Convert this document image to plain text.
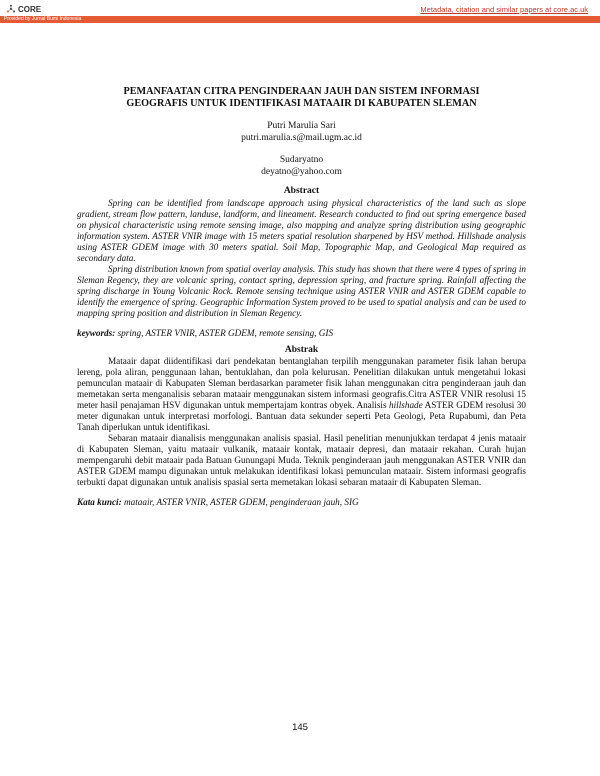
CORE	Metadata, citation and similar papers at core.ac.uk
Provided by Jurnal Bumi Indonesia

PEMANFAATAN CITRA PENGINDERAAN JAUH DAN SISTEM INFORMASI
GEOGRAFIS UNTUK IDENTIFIKASI MATAAIR DI KABUPATEN SLEMAN

Putri Marulia Sari

putri.marulia.s@mail.ugm.ac.id

Sudaryatno

deyatno@yahoo.com

Abstract

Spring can be identified from landscape approach using physical characteristics of the land such as slope gradient, stream flow pattern, landuse, landform, and lineament. Research conducted to find out spring emergence based on physical characteristic using remote sensing image, also mapping and analyze spring distribution using geographic information system. ASTER VNIR image with 15 meters spatial resolution sharpened by HSV method. Hillshade analysis using ASTER GDEM image with 30 meters spatial. Soil Map, Topographic Map, and Geological Map required as secondary data.

Spring distribution known from spatial overlay analysis. This study has shown that there were 4 types of spring in Sleman Regency, they are volcanic spring, contact spring, depression spring, and fracture spring. Rainfall affecting the spring discharge in Young Volcanic Rock. Remote sensing technique using ASTER VNIR and ASTER GDEM capable to identify the emergence of spring. Geographic Information System proved to be used to spatial analysis and can be used to mapping spring position and distribution in Sleman Regency.

keywords: spring, ASTER VNIR, ASTER GDEM, remote sensing, GIS

Abstrak

Mataair dapat diidentifikasi dari pendekatan bentanglahan terpilih menggunakan parameter fisik lahan berupa lereng, pola aliran, penggunaan lahan, bentuklahan, dan pola kelurusan. Penelitian dilakukan untuk mengetahui lokasi pemunculan mataair di Kabupaten Sleman berdasarkan parameter fisik lahan menggunakan citra penginderaan jauh dan memetakan serta menganalisis sebaran mataair menggunakan sistem informasi geografis.Citra ASTER VNIR resolusi 15 meter hasil penajaman HSV digunakan untuk mempertajam kontras obyek. Analisis hillshade ASTER GDEM resolusi 30 meter digunakan untuk interpretasi morfologi. Bantuan data sekunder seperti Peta Geologi, Peta Rupabumi, dan Peta Tanah diperlukan untuk identifikasi.

Sebaran mataair dianalisis menggunakan analisis spasial. Hasil penelitian menunjukkan terdapat 4 jenis mataair di Kabupaten Sleman, yaitu mataair vulkanik, mataair kontak, mataair depresi, dan mataair rekahan. Curah hujan mempengaruhi debit mataair pada Batuan Gunungapi Muda. Teknik penginderaan jauh menggunakan ASTER VNIR dan ASTER GDEM mampu digunakan untuk melakukan identifikasi lokasi pemunculan mataair. Sistem informasi geografis terbukti dapat digunakan untuk analisis spasial serta memetakan lokasi sebaran mataair di Kabupaten Sleman.

Kata kunci: mataair, ASTER VNIR, ASTER GDEM, penginderaan jauh, SIG

145
